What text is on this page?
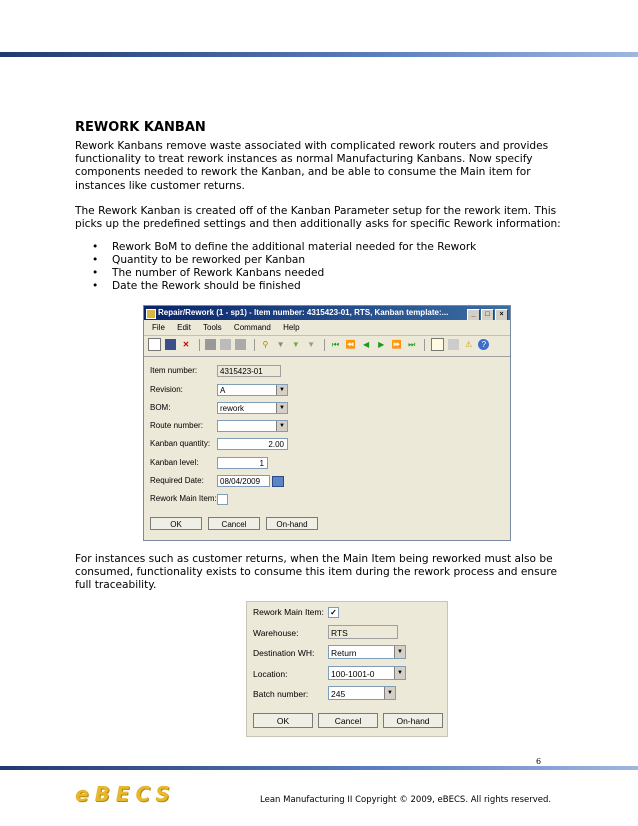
REWORK KANBAN
Rework Kanbans remove waste associated with complicated rework routers and provides functionality to treat rework instances as normal Manufacturing Kanbans. Now specify components needed to rework the Kanban, and be able to consume the Main item for instances like customer returns.
The Rework Kanban is created off of the Kanban Parameter setup for the rework item. This picks up the predefined settings and then additionally asks for specific Rework information:
• Rework BoM to define the additional material needed for the Rework
• Quantity to be reworked per Kanban
• The number of Rework Kanbans needed
• Date the Rework should be finished
Repair/Rework (1 - sp1) - Item number: 4315423-01, RTS, Kanban template:...	_ □ ×
File Edit Tools Command Help
✕	⚲ ▼ ▼ ▼ ⏮ ⏪ ◀ ▶ ⏩ ⏭	⚠ ?
Item number:	4315423-01
Revision:	A	▼
BOM:	rework	▼
Route number:	▼
Kanban quantity:	2.00
Kanban level:	1
Required Date:	08/04/2009
Rework Main Item:
OK	Cancel	On-hand
For instances such as customer returns, when the Main Item being reworked must also be consumed, functionality exists to consume this item during the rework process and ensure full traceability.
Rework Main Item: ✓
Warehouse:	RTS
Destination WH:	Return	▼
Location:	100-1001-0	▼
Batch number:	245	▼
OK	Cancel	On-hand
6
eBECS	Lean Manufacturing II Copyright © 2009, eBECS. All rights reserved.
